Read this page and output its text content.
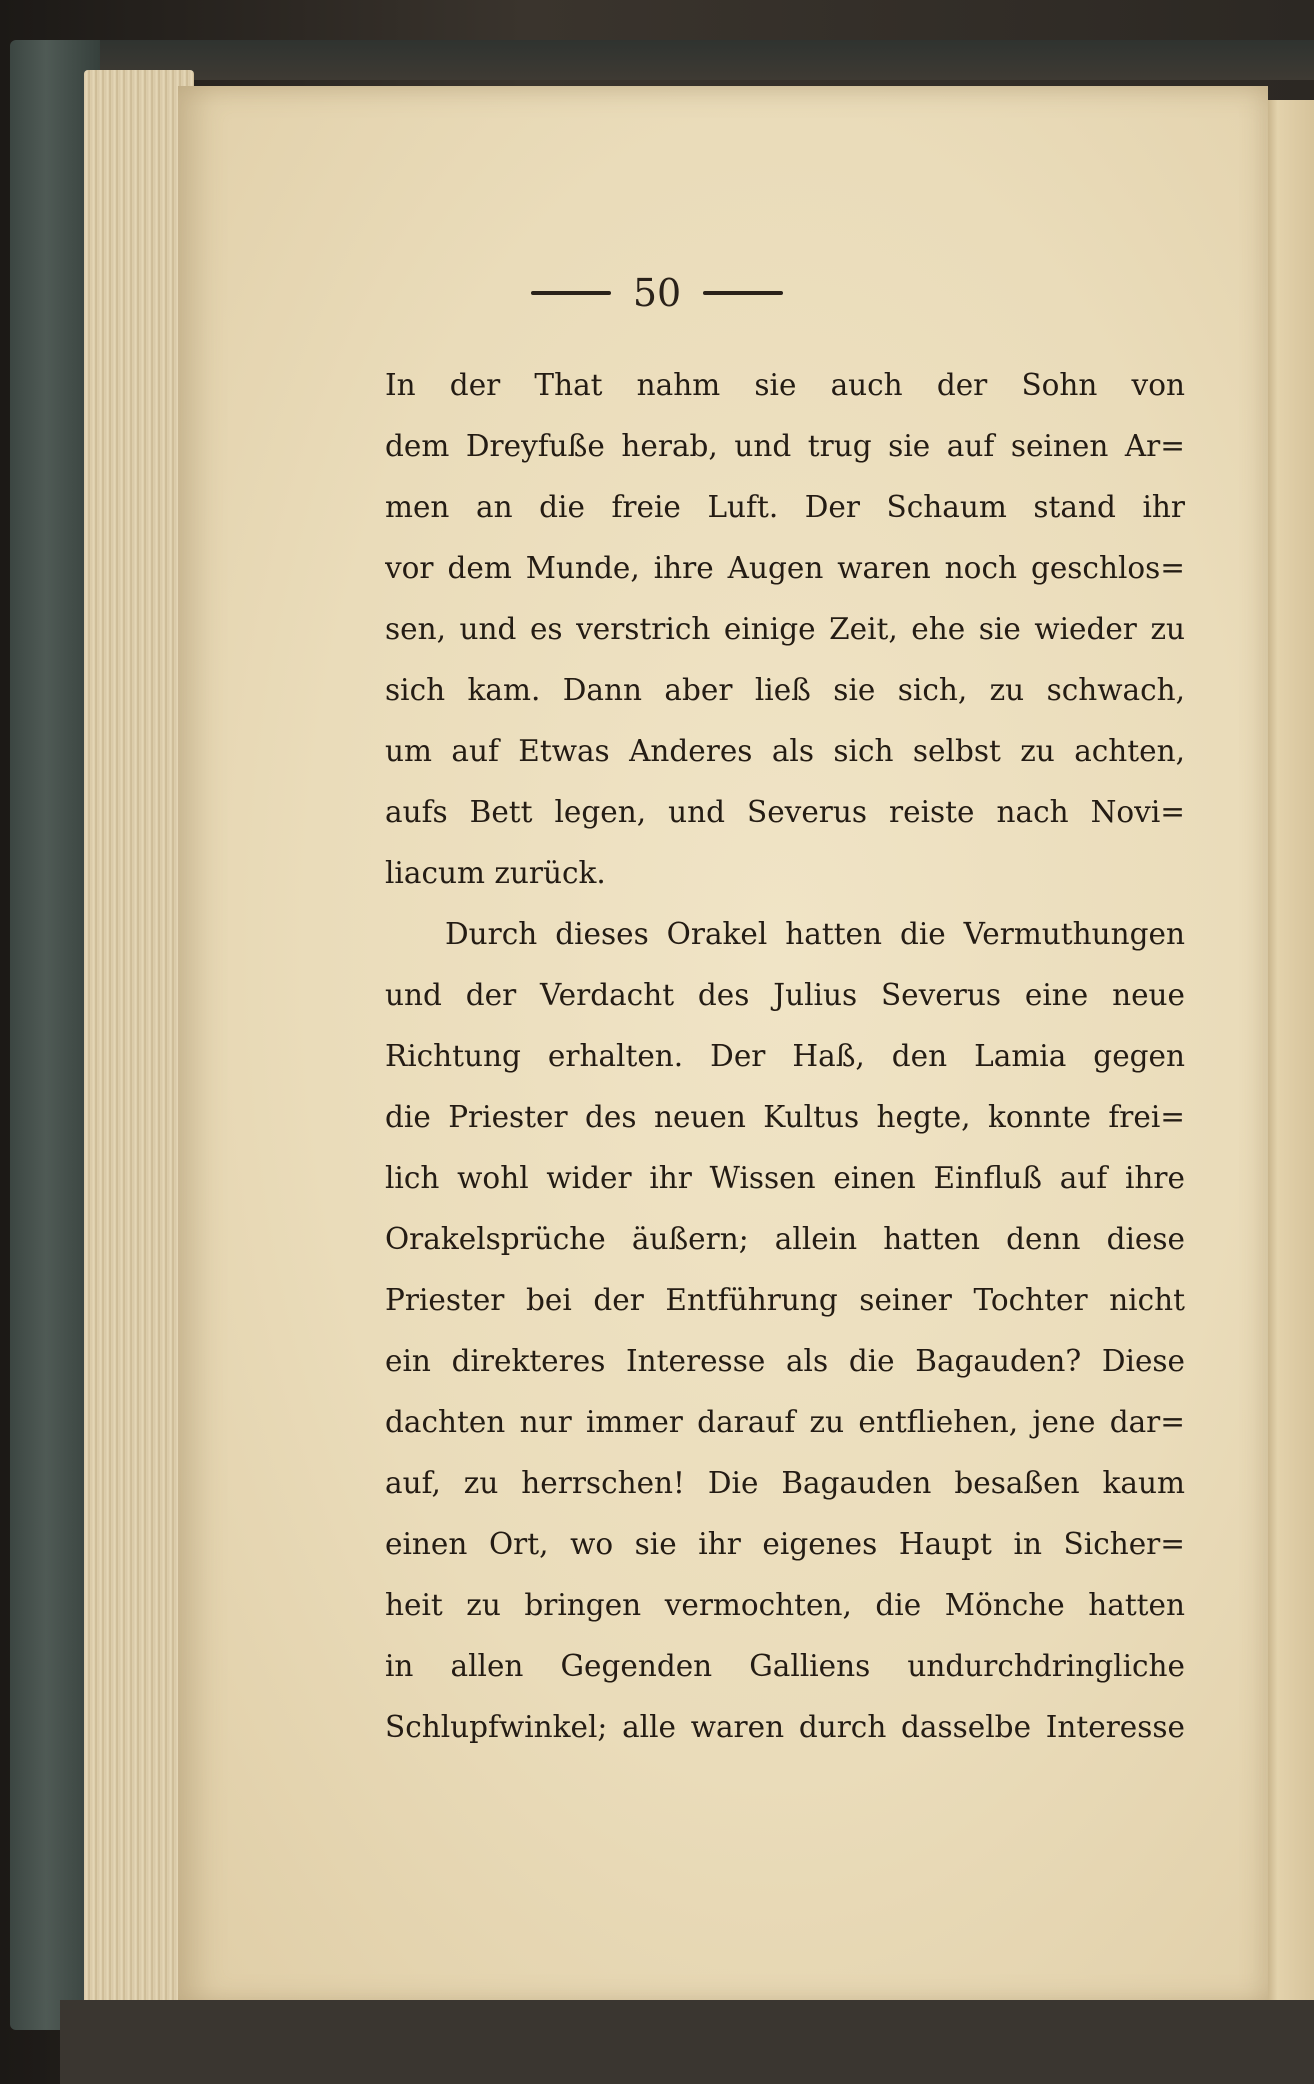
50
In der That nahm sie auch der Sohn von
dem Dreyfuße herab, und trug sie auf seinen Ar=
men an die freie Luft. Der Schaum stand ihr
vor dem Munde, ihre Augen waren noch geschlos=
sen, und es verstrich einige Zeit, ehe sie wieder zu
sich kam. Dann aber ließ sie sich, zu schwach,
um auf Etwas Anderes als sich selbst zu achten,
aufs Bett legen, und Severus reiste nach Novi=
liacum zurück.
Durch dieses Orakel hatten die Vermuthungen
und der Verdacht des Julius Severus eine neue
Richtung erhalten. Der Haß, den Lamia gegen
die Priester des neuen Kultus hegte, konnte frei=
lich wohl wider ihr Wissen einen Einfluß auf ihre
Orakelsprüche äußern; allein hatten denn diese
Priester bei der Entführung seiner Tochter nicht
ein direkteres Interesse als die Bagauden? Diese
dachten nur immer darauf zu entfliehen, jene dar=
auf, zu herrschen! Die Bagauden besaßen kaum
einen Ort, wo sie ihr eigenes Haupt in Sicher=
heit zu bringen vermochten, die Mönche hatten
in allen Gegenden Galliens undurchdringliche
Schlupfwinkel; alle waren durch dasselbe Interesse
